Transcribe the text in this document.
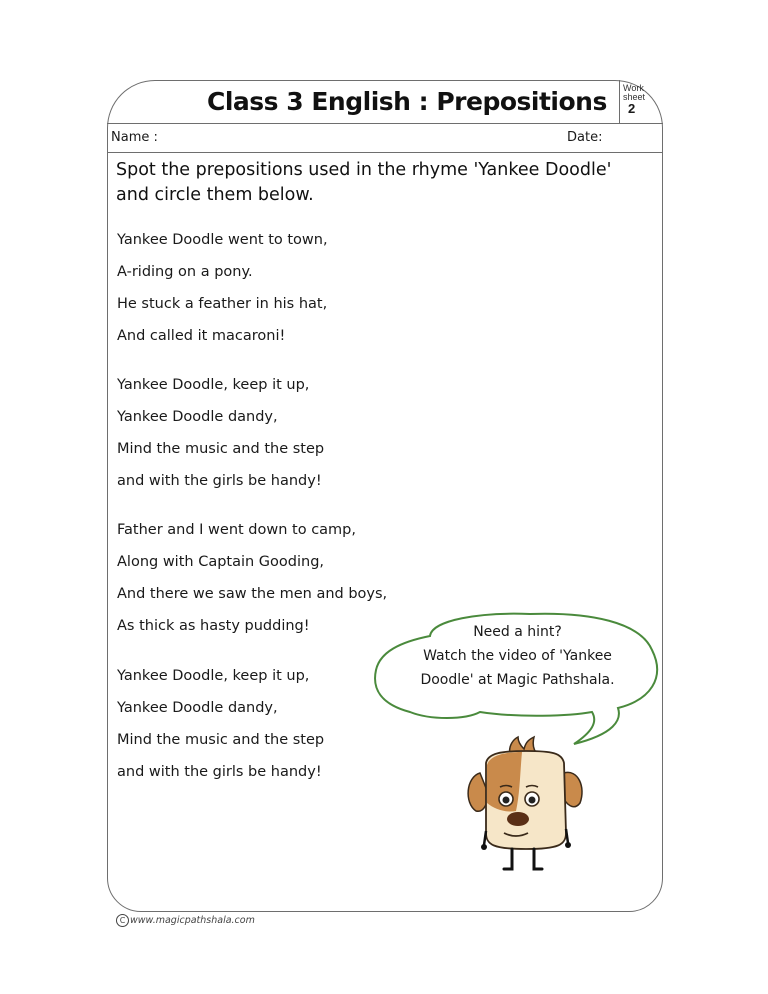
Class 3 English : Prepositions Work
sheet
2
Name :	Date:
Spot the prepositions used in the rhyme 'Yankee Doodle' and circle them below.
Yankee Doodle went to town,
A-riding on a pony.
He stuck a feather in his hat,
And called it macaroni!
Yankee Doodle, keep it up,
Yankee Doodle dandy,
Mind the music and the step
and with the girls be handy!
Father and I went down to camp,
Along with Captain Gooding,
And there we saw the men and boys,
As thick as hasty pudding!
Yankee Doodle, keep it up,
Yankee Doodle dandy,
Mind the music and the step
and with the girls be handy!
Need a hint?
Watch the video of 'Yankee
Doodle' at Magic Pathshala.
C www.magicpathshala.com
